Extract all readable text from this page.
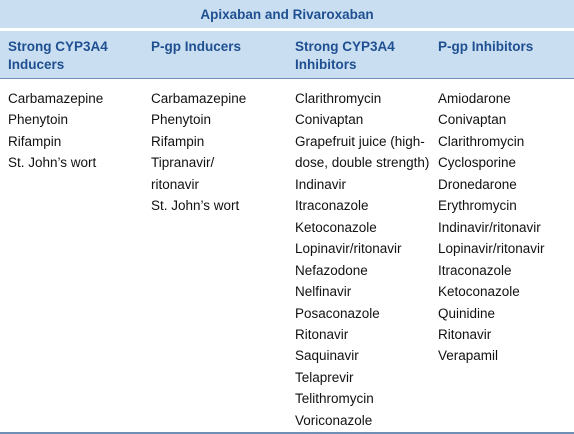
Apixaban and Rivaroxaban
Strong CYP3A4
Inducers
P-gp Inducers	Strong CYP3A4
Inhibitors
P-gp Inhibitors
Carbamazepine
Phenytoin
Rifampin
St. John’s wort
Carbamazepine
Phenytoin
Rifampin
Tipranavir/
ritonavir
St. John’s wort
Clarithromycin
Conivaptan
Grapefruit juice (high-
dose, double strength)
Indinavir
Itraconazole
Ketoconazole
Lopinavir/ritonavir
Nefazodone
Nelfinavir
Posaconazole
Ritonavir
Saquinavir
Telaprevir
Telithromycin
Voriconazole
Amiodarone
Conivaptan
Clarithromycin
Cyclosporine
Dronedarone
Erythromycin
Indinavir/ritonavir
Lopinavir/ritonavir
Itraconazole
Ketoconazole
Quinidine
Ritonavir
Verapamil
